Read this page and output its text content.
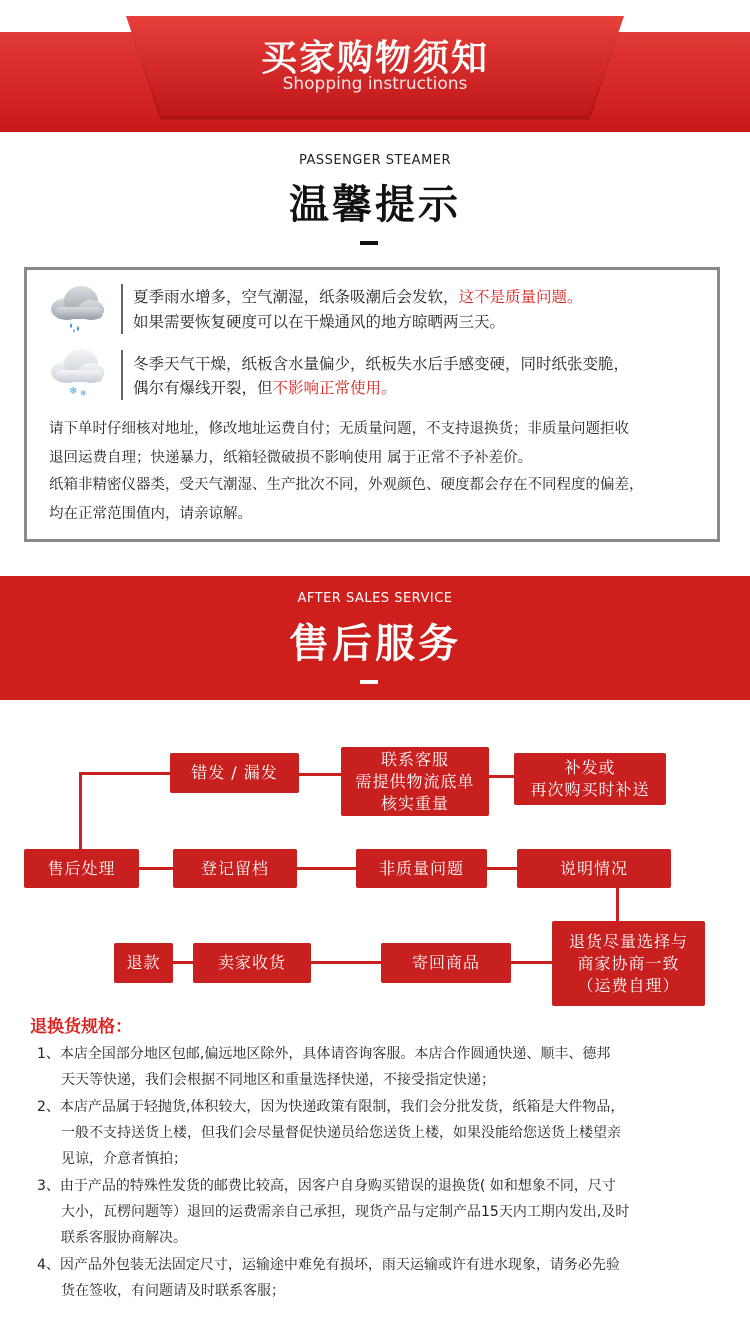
买家购物须知
Shopping instructions
PASSENGER STEAMER
温馨提示
夏季雨水增多，空气潮湿，纸条吸潮后会发软，这不是质量问题。
如果需要恢复硬度可以在干燥通风的地方晾晒两三天。
❄ ❄
冬季天气干燥，纸板含水量偏少，纸板失水后手感变硬，同时纸张变脆，
偶尔有爆线开裂，但不影响正常使用。
请下单时仔细核对地址，修改地址运费自付；无质量问题，不支持退换货；非质量问题拒收
退回运费自理；快递暴力，纸箱轻微破损不影响使用 属于正常不予补差价。
纸箱非精密仪器类，受天气潮湿、生产批次不同，外观颜色、硬度都会存在不同程度的偏差，
均在正常范围值内，请亲谅解。
AFTER SALES SERVICE
售后服务
错发 / 漏发
联系客服
需提供物流底单
核实重量
补发或
再次购买时补送
售后处理	登记留档	非质量问题	说明情况
退货尽量选择与
商家协商一致
（运费自理）
寄回商品
卖家收货
退款
退换货规格：
1、本店全国部分地区包邮,偏远地区除外，具体请咨询客服。本店合作圆通快递、顺丰、德邦
天天等快递，我们会根据不同地区和重量选择快递，不接受指定快递；
2、本店产品属于轻抛货,体积较大，因为快递政策有限制，我们会分批发货，纸箱是大件物品，
一般不支持送货上楼，但我们会尽量督促快递员给您送货上楼，如果没能给您送货上楼望亲
见谅，介意者慎拍；
3、由于产品的特殊性发货的邮费比较高，因客户自身购买错误的退换货( 如和想象不同，尺寸
大小，瓦楞问题等）退回的运费需亲自己承担，现货产品与定制产品15天内工期内发出,及时
联系客服协商解决。
4、因产品外包装无法固定尺寸，运输途中难免有损坏，雨天运输或许有进水现象，请务必先验
货在签收，有问题请及时联系客服；
